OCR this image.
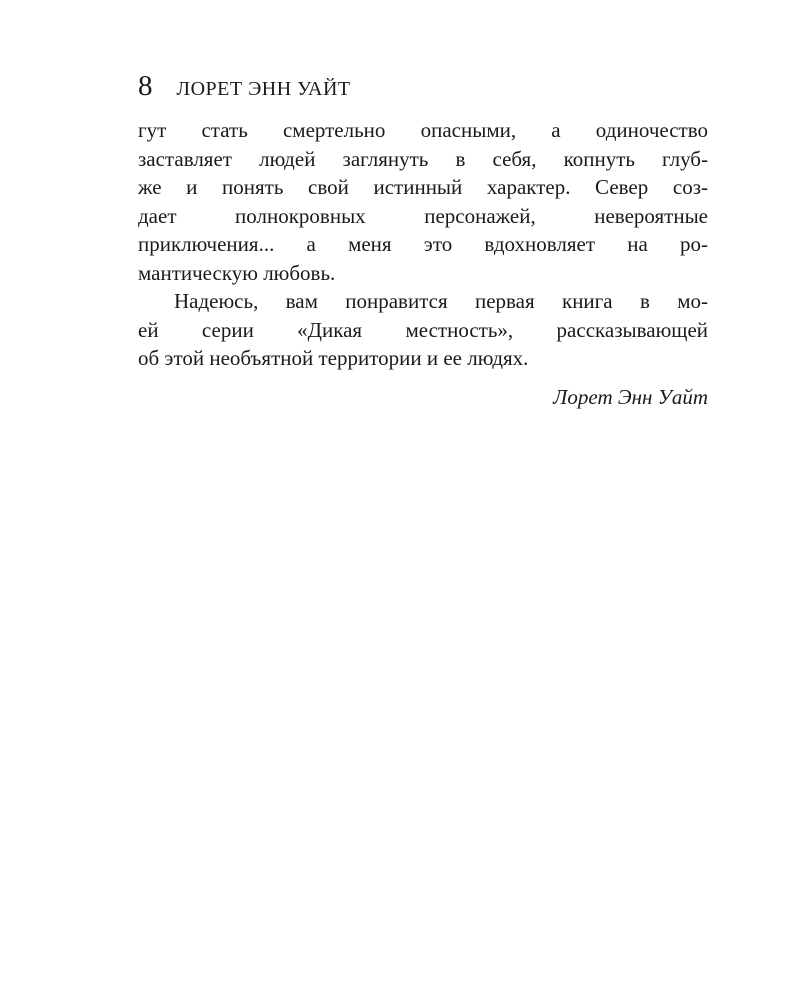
8 ЛОРЕТ ЭНН УАЙТ
гут стать смертельно опасными, а одиночество
заставляет людей заглянуть в себя, копнуть глуб-
же и понять свой истинный характер. Север соз-
дает полнокровных персонажей, невероятные
приключения... а меня это вдохновляет на ро-
мантическую любовь.
Надеюсь, вам понравится первая книга в мо-
ей серии «Дикая местность», рассказывающей
об этой необъятной территории и ее людях.
Лорет Энн Уайт
